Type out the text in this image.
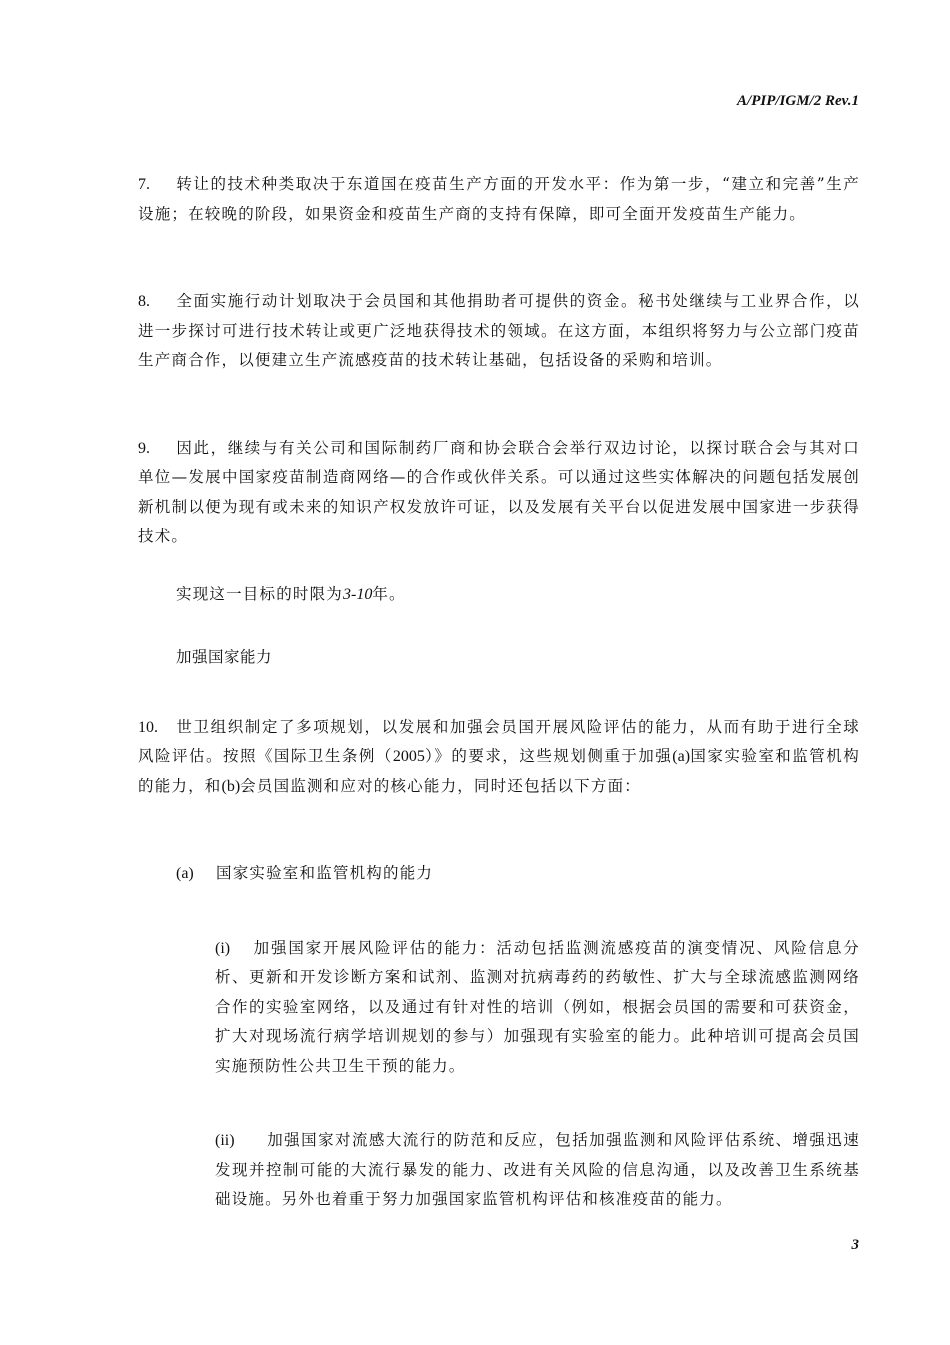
A/PIP/IGM/2 Rev.1

7. 转让的技术种类取决于东道国在疫苗生产方面的开发水平：作为第一步，“建立和完善”生产设施；在较晚的阶段，如果资金和疫苗生产商的支持有保障，即可全面开发疫苗生产能力。

8. 全面实施行动计划取决于会员国和其他捐助者可提供的资金。秘书处继续与工业界合作，以进一步探讨可进行技术转让或更广泛地获得技术的领域。在这方面，本组织将努力与公立部门疫苗生产商合作，以便建立生产流感疫苗的技术转让基础，包括设备的采购和培训。

9. 因此，继续与有关公司和国际制药厂商和协会联合会举行双边讨论，以探讨联合会与其对口单位—发展中国家疫苗制造商网络—的合作或伙伴关系。可以通过这些实体解决的问题包括发展创新机制以便为现有或未来的知识产权发放许可证，以及发展有关平台以促进发展中国家进一步获得技术。

实现这一目标的时限为3-10年。

加强国家能力

10. 世卫组织制定了多项规划，以发展和加强会员国开展风险评估的能力，从而有助于进行全球风险评估。按照《国际卫生条例（2005）》的要求，这些规划侧重于加强(a)国家实验室和监管机构的能力，和(b)会员国监测和应对的核心能力，同时还包括以下方面：

(a) 国家实验室和监管机构的能力

(i) 加强国家开展风险评估的能力：活动包括监测流感疫苗的演变情况、风险信息分析、更新和开发诊断方案和试剂、监测对抗病毒药的药敏性、扩大与全球流感监测网络合作的实验室网络，以及通过有针对性的培训（例如，根据会员国的需要和可获资金，扩大对现场流行病学培训规划的参与）加强现有实验室的能力。此种培训可提高会员国实施预防性公共卫生干预的能力。

(ii) 加强国家对流感大流行的防范和反应，包括加强监测和风险评估系统、增强迅速发现并控制可能的大流行暴发的能力、改进有关风险的信息沟通，以及改善卫生系统基础设施。另外也着重于努力加强国家监管机构评估和核准疫苗的能力。

3
